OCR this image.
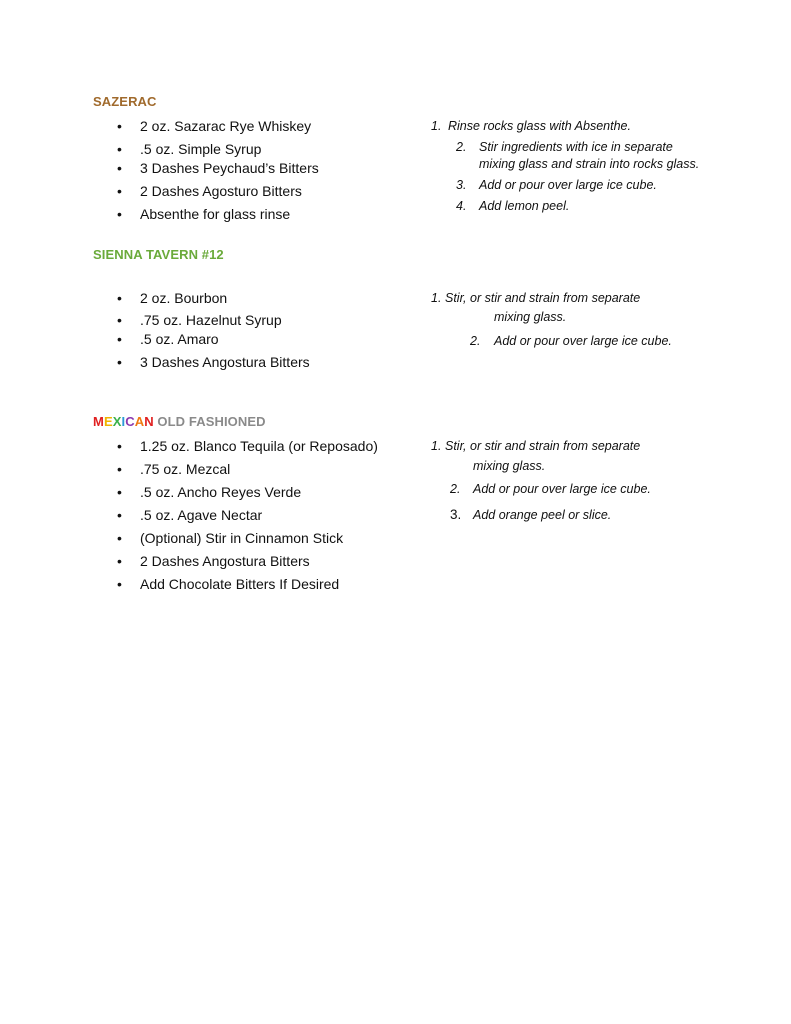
SAZERAC
• 2 oz. Sazarac Rye Whiskey
• .5 oz. Simple Syrup
• 3 Dashes Peychaud’s Bitters
• 2 Dashes Agosturo Bitters
• Absenthe for glass rinse
1. Rinse rocks glass with Absenthe.
2. Stir ingredients with ice in separate
mixing glass and strain into rocks glass.
3. Add or pour over large ice cube.
4. Add lemon peel.
SIENNA TAVERN #12
• 2 oz. Bourbon
• .75 oz. Hazelnut Syrup
• .5 oz. Amaro
• 3 Dashes Angostura Bitters
1. Stir, or stir and strain from separate
mixing glass.
2. Add or pour over large ice cube.
MEXICAN OLD FASHIONED
• 1.25 oz. Blanco Tequila (or Reposado)
• .75 oz. Mezcal
• .5 oz. Ancho Reyes Verde
• .5 oz. Agave Nectar
• (Optional) Stir in Cinnamon Stick
• 2 Dashes Angostura Bitters
• Add Chocolate Bitters If Desired
1. Stir, or stir and strain from separate
mixing glass.
2. Add or pour over large ice cube.
3. Add orange peel or slice.
